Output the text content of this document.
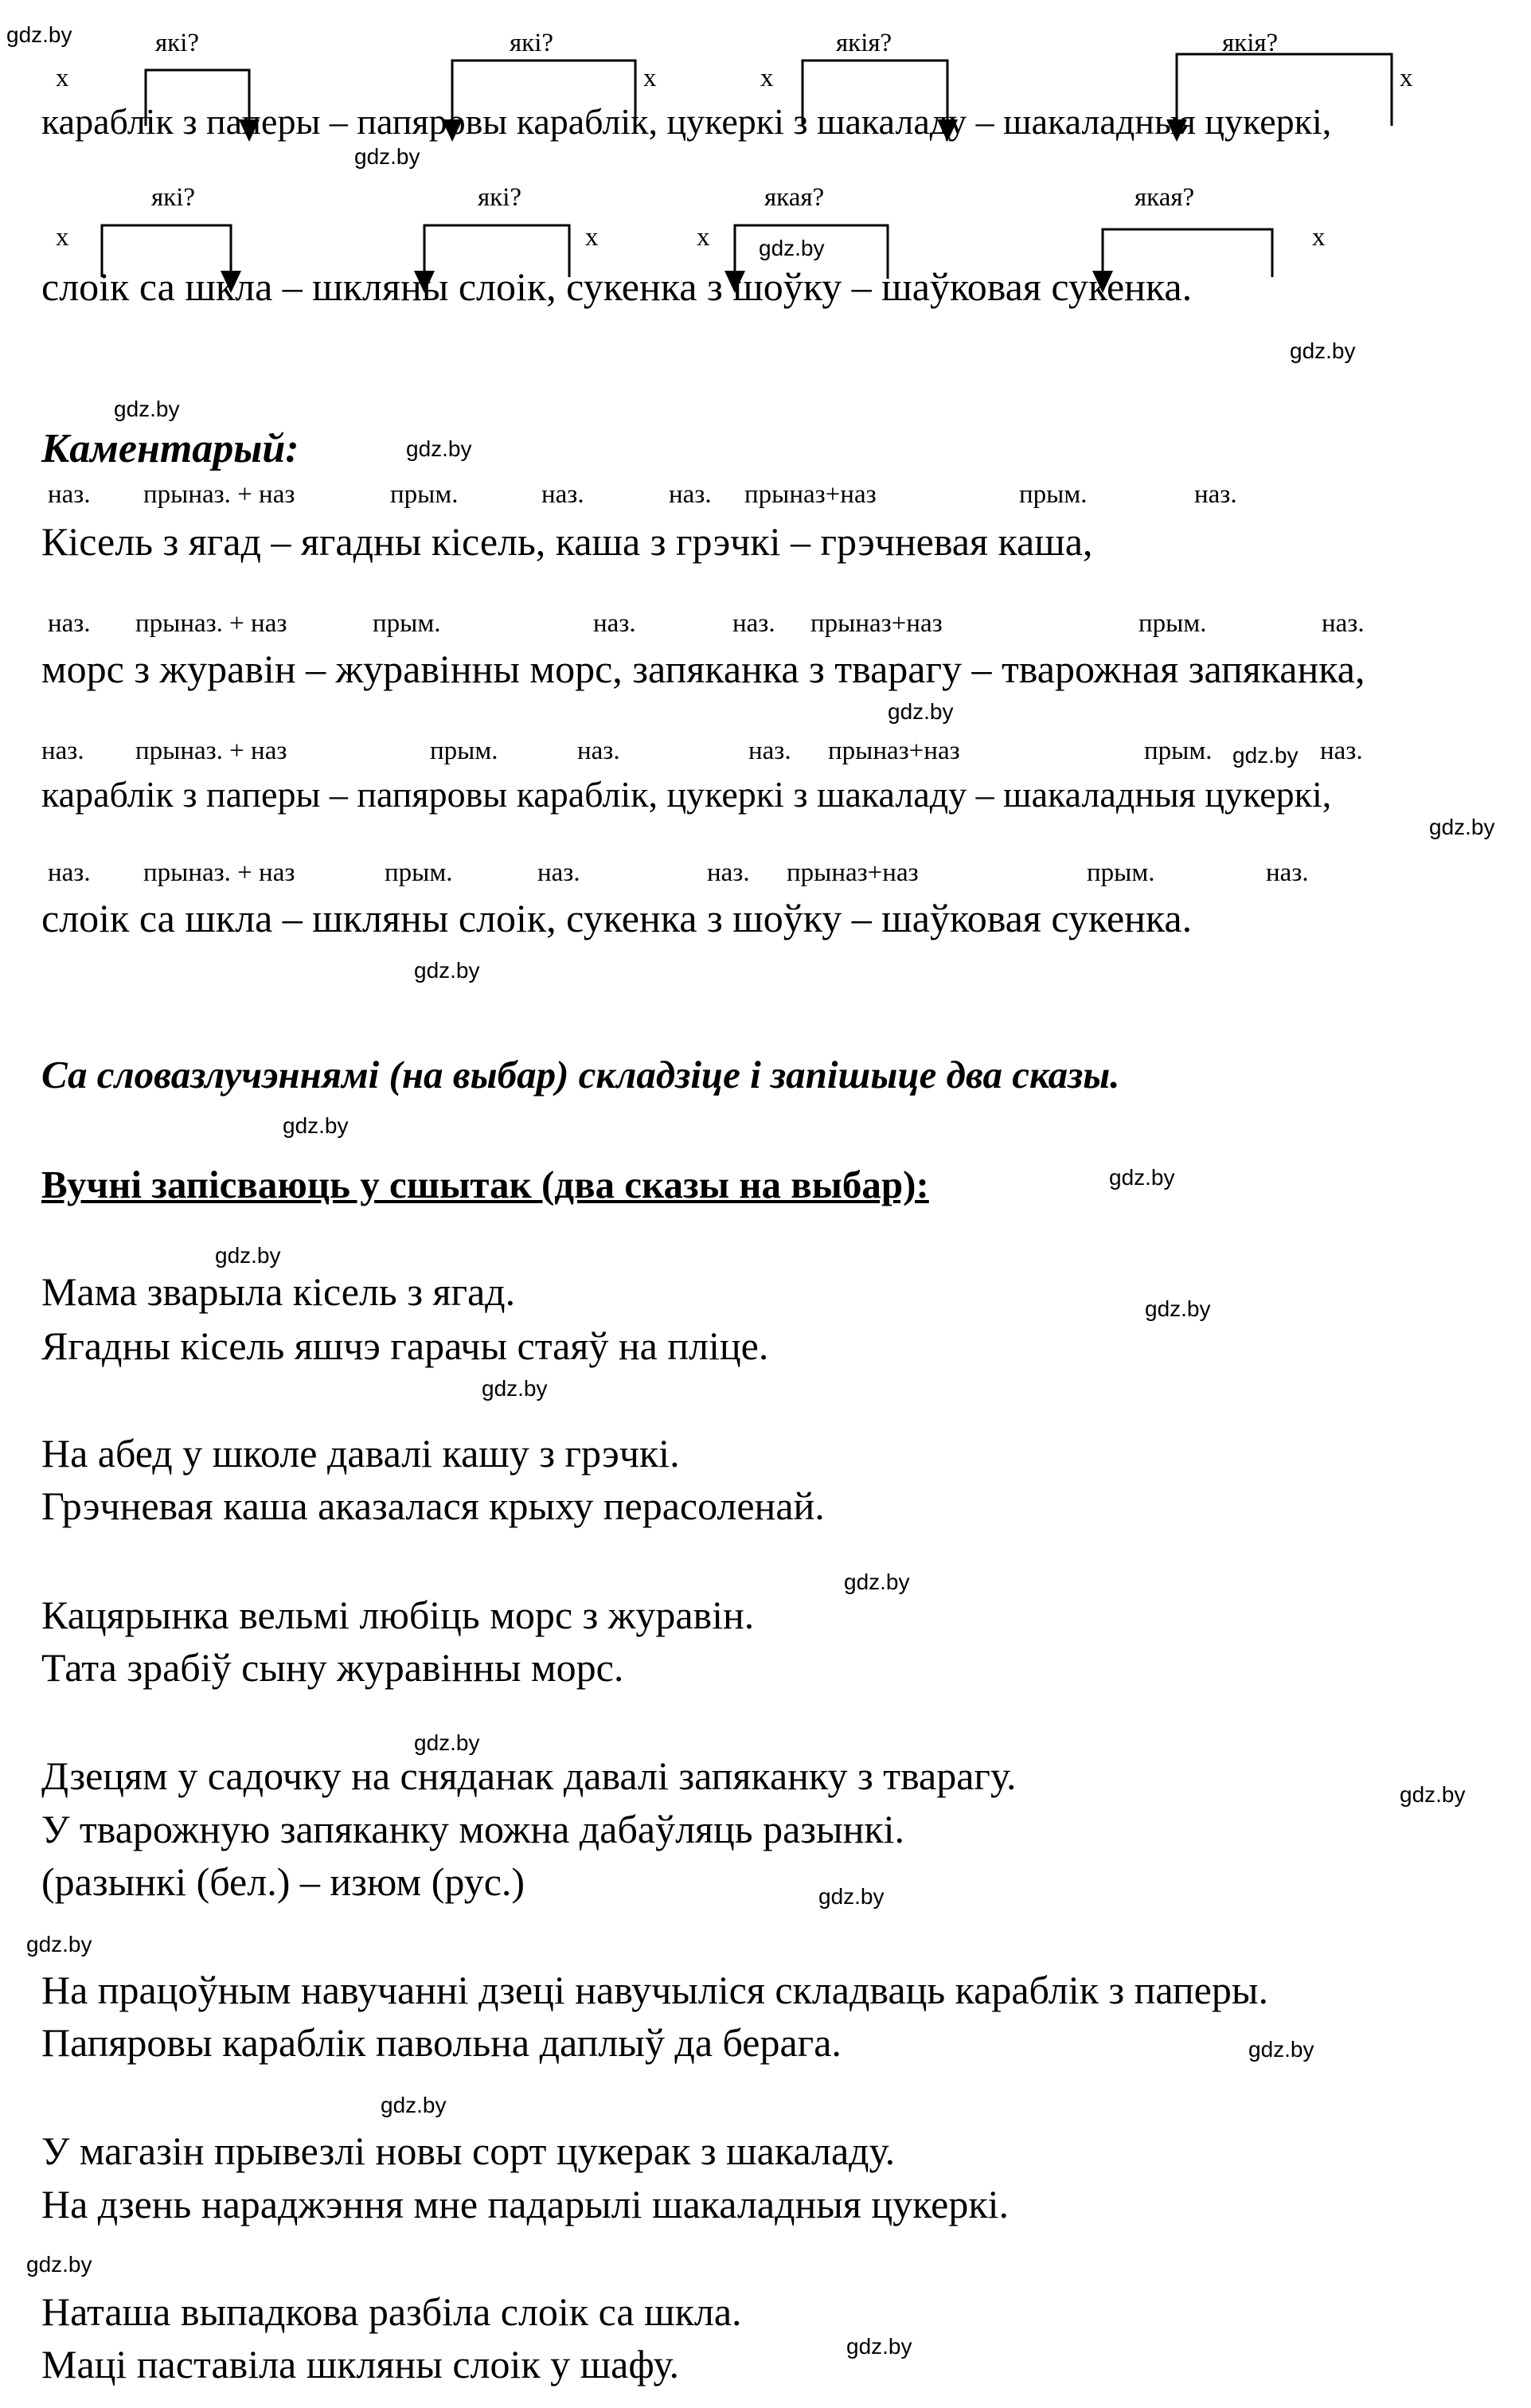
gdz.by
gdz.by
gdz.by
gdz.by
gdz.by
gdz.by
gdz.by
gdz.by
gdz.by
gdz.by
gdz.by
gdz.by
gdz.by
gdz.by
gdz.by
gdz.by
gdz.by
gdz.by
gdz.by
gdz.by
gdz.by
gdz.by
gdz.by
gdz.by
які?	які?	якія?	якія?
x	x	x	x
караблік з паперы – папяровы караблік, цукеркі з шакаладу – шакаладныя цукеркі,
які?	які?	якая?	якая?
x	x	x	x
слоік са шкла – шкляны слоік, сукенка з шоўку – шаўковая сукенка.
Каментарый:
наз. прыназ. + наз	прым.	наз.	наз. прыназ+наз	прым.	наз.
Кісель з ягад – ягадны кісель, каша з грэчкі – грэчневая каша,
наз. прыназ. + наз	прым.	наз.	наз. прыназ+наз	прым.	наз.
морс з журавін – журавінны морс, запяканка з тварагу – тварожная запяканка,
наз. прыназ. + наз	прым.	наз.	наз. прыназ+наз	прым.	наз.
караблік з паперы – папяровы караблік, цукеркі з шакаладу – шакаладныя цукеркі,
наз. прыназ. + наз	прым.	наз.	наз. прыназ+наз	прым.	наз.
слоік са шкла – шкляны слоік, сукенка з шоўку – шаўковая сукенка.
Са словазлучэннямі (на выбар) складзіце і запішыце два сказы.
Вучні запісваюць у сшытак (два сказы на выбар):
Мама зварыла кісель з ягад.
Ягадны кісель яшчэ гарачы стаяў на пліце.
На абед у школе давалі кашу з грэчкі.
Грэчневая каша аказалася крыху перасоленай.
Кацярынка вельмі любіць морс з журавін.
Тата зрабіў сыну журавінны морс.
Дзецям у садочку на сняданак давалі запяканку з тварагу.
У тварожную запяканку можна дабаўляць разынкі.
(разынкі (бел.) – изюм (рус.)
На працоўным навучанні дзеці навучыліся складваць караблік з паперы.
Папяровы караблік павольна даплыў да берага.
У магазін прывезлі новы сорт цукерак з шакаладу.
На дзень нараджэння мне падарылі шакаладныя цукеркі.
Наташа выпадкова разбіла слоік са шкла.
Маці паставіла шкляны слоік у шафу.
